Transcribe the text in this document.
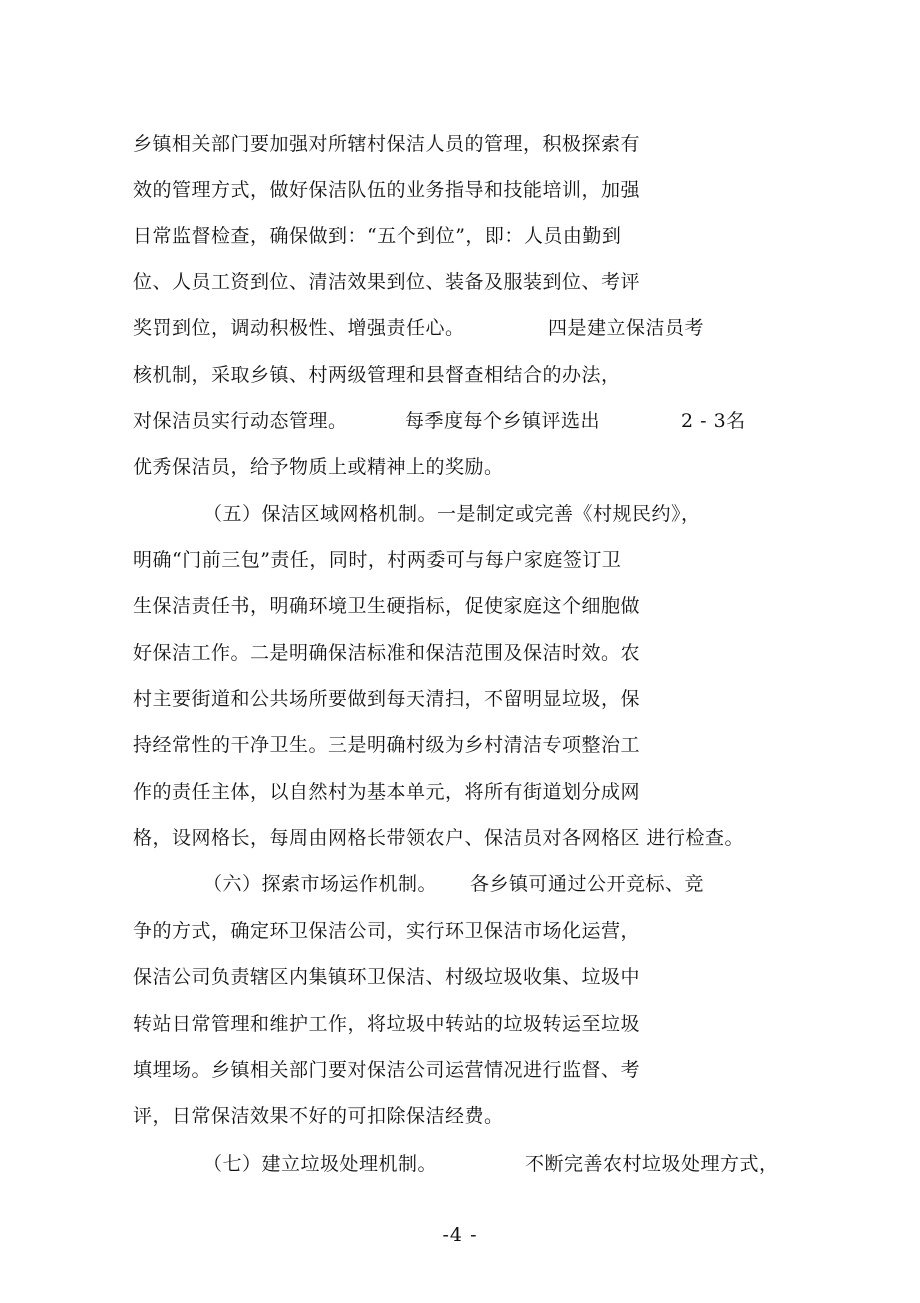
乡镇相关部门要加强对所辖村保洁人员的管理，积极探索有
效的管理方式，做好保洁队伍的业务指导和技能培训，加强
日常监督检查，确保做到：“五个到位”，即：人员由勤到
位、人员工资到位、清洁效果到位、装备及服装到位、考评
奖罚到位，调动积极性、增强责任心。	四是建立保洁员考
核机制，采取乡镇、村两级管理和县督查相结合的办法，
对保洁员实行动态管理。	每季度每个乡镇评选出	2 - 3名
优秀保洁员，给予物质上或精神上的奖励。
（五）保洁区域网格机制。一是制定或完善《村规民约》，
明确“门前三包”责任，同时，村两委可与每户家庭签订卫
生保洁责任书，明确环境卫生硬指标，促使家庭这个细胞做
好保洁工作。二是明确保洁标准和保洁范围及保洁时效。农
村主要街道和公共场所要做到每天清扫，不留明显垃圾，保
持经常性的干净卫生。三是明确村级为乡村清洁专项整治工
作的责任主体，以自然村为基本单元，将所有街道划分成网
格，设网格长，每周由网格长带领农户、保洁员对各网格区 进行检查。
（六）探索市场运作机制。 各乡镇可通过公开竞标、竞
争的方式，确定环卫保洁公司，实行环卫保洁市场化运营，
保洁公司负责辖区内集镇环卫保洁、村级垃圾收集、垃圾中
转站日常管理和维护工作，将垃圾中转站的垃圾转运至垃圾
填埋场。乡镇相关部门要对保洁公司运营情况进行监督、考
评，日常保洁效果不好的可扣除保洁经费。
（七）建立垃圾处理机制。	不断完善农村垃圾处理方式，
-4 -
